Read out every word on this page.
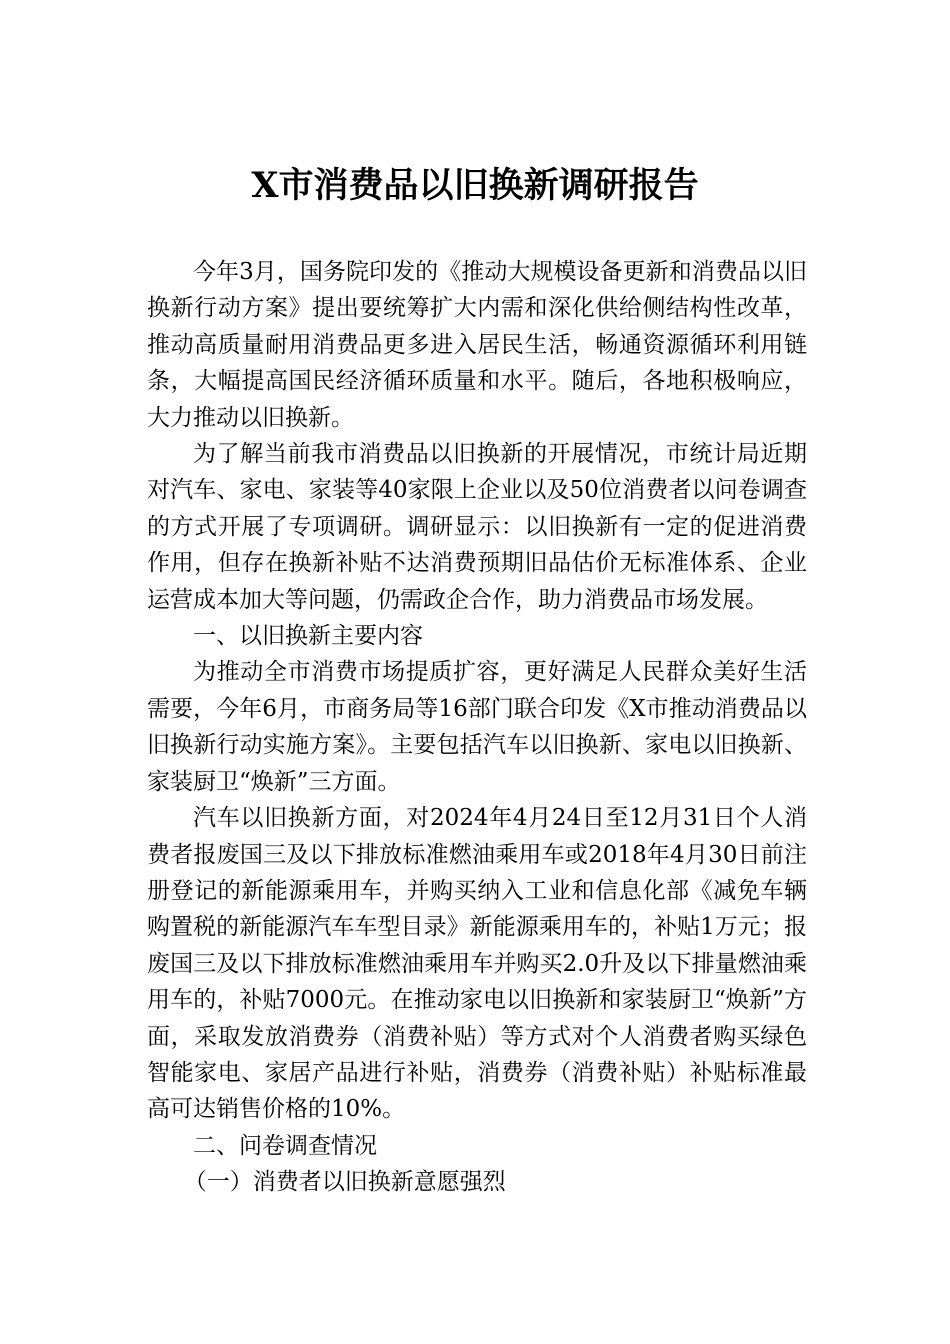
X市消费品以旧换新调研报告

今年3月，国务院印发的《推动大规模设备更新和消费品以旧换新行动方案》提出要统筹扩大内需和深化供给侧结构性改革，推动高质量耐用消费品更多进入居民生活，畅通资源循环利用链条，大幅提高国民经济循环质量和水平。随后，各地积极响应，大力推动以旧换新。

为了解当前我市消费品以旧换新的开展情况，市统计局近期对汽车、家电、家装等40家限上企业以及50位消费者以问卷调查的方式开展了专项调研。调研显示：以旧换新有一定的促进消费作用，但存在换新补贴不达消费预期旧品估价无标准体系、企业运营成本加大等问题，仍需政企合作，助力消费品市场发展。

一、以旧换新主要内容

为推动全市消费市场提质扩容，更好满足人民群众美好生活需要，今年6月，市商务局等16部门联合印发《X市推动消费品以旧换新行动实施方案》。主要包括汽车以旧换新、家电以旧换新、家装厨卫“焕新”三方面。

汽车以旧换新方面，对2024年4月24日至12月31日个人消费者报废国三及以下排放标准燃油乘用车或2018年4月30日前注册登记的新能源乘用车，并购买纳入工业和信息化部《减免车辆购置税的新能源汽车车型目录》新能源乘用车的，补贴1万元；报废国三及以下排放标准燃油乘用车并购买2.0升及以下排量燃油乘用车的，补贴7000元。在推动家电以旧换新和家装厨卫“焕新”方面，采取发放消费券（消费补贴）等方式对个人消费者购买绿色智能家电、家居产品进行补贴，消费券（消费补贴）补贴标准最高可达销售价格的10%。

二、问卷调查情况
（一）消费者以旧换新意愿强烈
